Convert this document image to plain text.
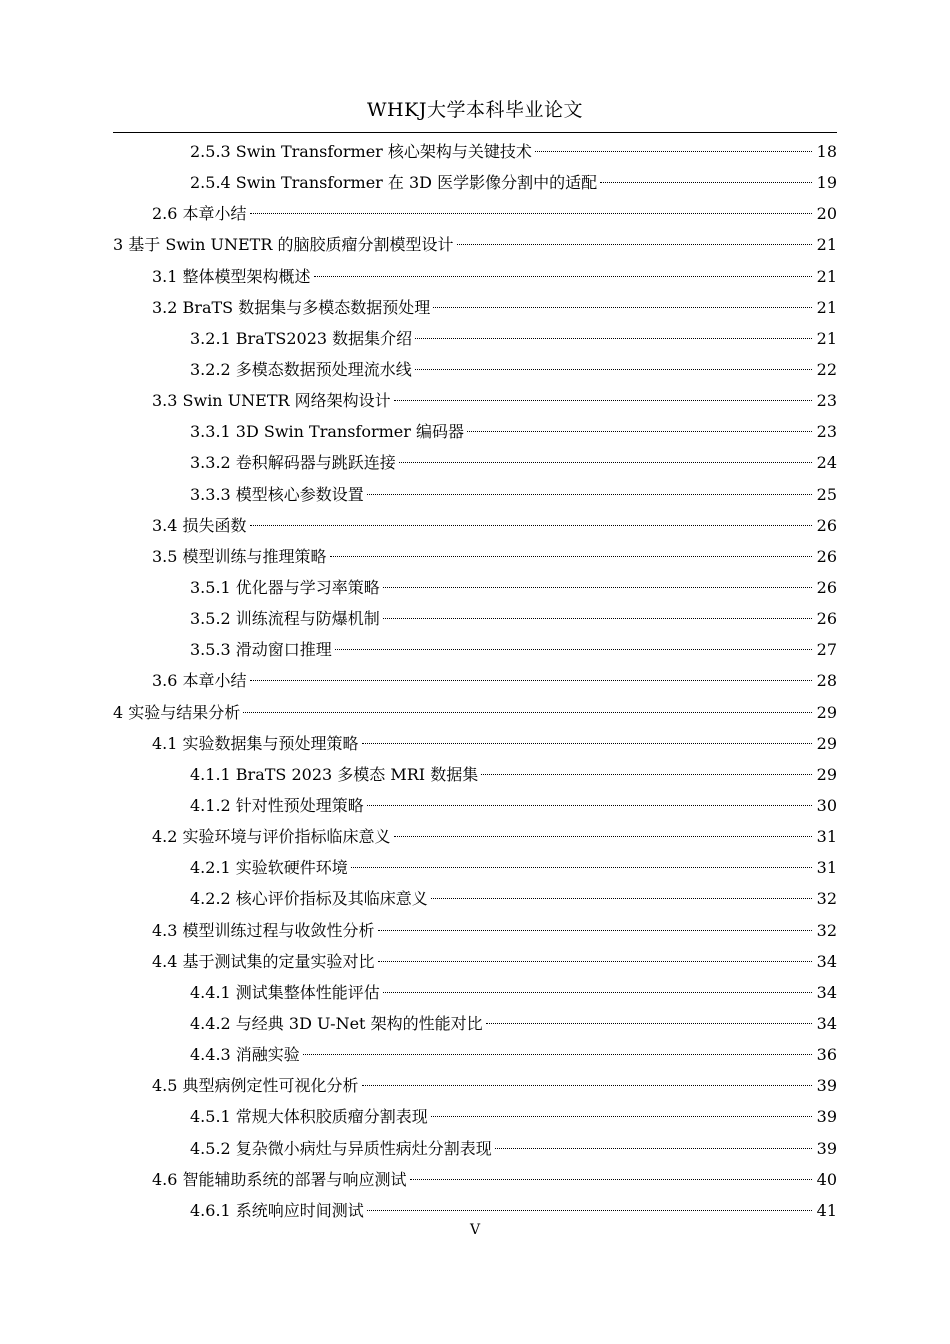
WHKJ大学本科毕业论文
2.5.3 Swin Transformer 核心架构与关键技术	18
2.5.4 Swin Transformer 在 3D 医学影像分割中的适配	19
2.6 本章小结	20
3 基于 Swin UNETR 的脑胶质瘤分割模型设计	21
3.1 整体模型架构概述	21
3.2 BraTS 数据集与多模态数据预处理	21
3.2.1 BraTS2023 数据集介绍	21
3.2.2 多模态数据预处理流水线	22
3.3 Swin UNETR 网络架构设计	23
3.3.1 3D Swin Transformer 编码器	23
3.3.2 卷积解码器与跳跃连接	24
3.3.3 模型核心参数设置	25
3.4 损失函数	26
3.5 模型训练与推理策略	26
3.5.1 优化器与学习率策略	26
3.5.2 训练流程与防爆机制	26
3.5.3 滑动窗口推理	27
3.6 本章小结	28
4 实验与结果分析	29
4.1 实验数据集与预处理策略	29
4.1.1 BraTS 2023 多模态 MRI 数据集	29
4.1.2 针对性预处理策略	30
4.2 实验环境与评价指标临床意义	31
4.2.1 实验软硬件环境	31
4.2.2 核心评价指标及其临床意义	32
4.3 模型训练过程与收敛性分析	32
4.4 基于测试集的定量实验对比	34
4.4.1 测试集整体性能评估	34
4.4.2 与经典 3D U-Net 架构的性能对比	34
4.4.3 消融实验	36
4.5 典型病例定性可视化分析	39
4.5.1 常规大体积胶质瘤分割表现	39
4.5.2 复杂微小病灶与异质性病灶分割表现	39
4.6 智能辅助系统的部署与响应测试	40
4.6.1 系统响应时间测试	41
V
